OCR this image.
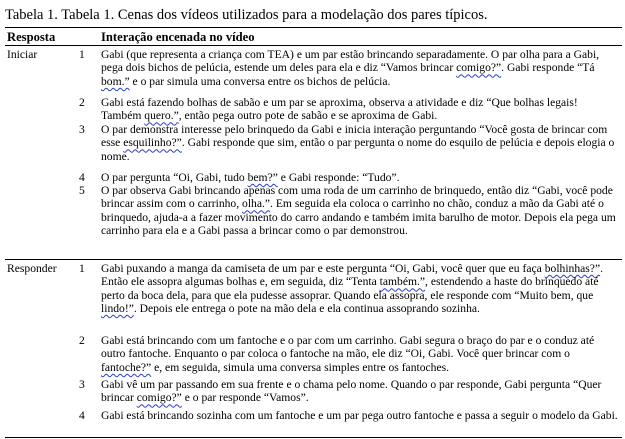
Tabela 1. Tabela 1. Cenas dos vídeos utilizados para a modelação dos pares típicos.
Resposta	Interação encenada no vídeo
Iniciar	1	Gabi (que representa a criança com TEA) e um par estão brincando separadamente. O par olha para a Gabi, pega dois bichos de pelúcia, estende um deles para ela e diz “Vamos brincar comigo?”. Gabi responde “Tá bom.” e o par simula uma conversa entre os bichos de pelúcia.
2	Gabi está fazendo bolhas de sabão e um par se aproxima, observa a atividade e diz “Que bolhas legais! Também quero.”, então pega outro pote de sabão e se aproxima de Gabi.
3	O par demonstra interesse pelo brinquedo da Gabi e inicia interação perguntando “Você gosta de brincar com esse esquilinho?”. Gabi responde que sim, então o par pergunta o nome do esquilo de pelúcia e depois elogia o nome.
4	O par pergunta “Oi, Gabi, tudo bem?” e Gabi responde: “Tudo”.
5	O par observa Gabi brincando apenas com uma roda de um carrinho de brinquedo, então diz “Gabi, você pode brincar assim com o carrinho, olha.”. Em seguida ela coloca o carrinho no chão, conduz a mão da Gabi até o brinquedo, ajuda-a a fazer movimento do carro andando e também imita barulho de motor. Depois ela pega um carrinho para ela e a Gabi passa a brincar como o par demonstrou.
Responder 1	Gabi puxando a manga da camiseta de um par e este pergunta “Oi, Gabi, você quer que eu faça bolhinhas?”. Então ele assopra algumas bolhas e, em seguida, diz “Tenta também.”, estendendo a haste do brinquedo até perto da boca dela, para que ela pudesse assoprar. Quando ela assopra, ele responde com “Muito bem, que lindo!”. Depois ele entrega o pote na mão dela e ela continua assoprando sozinha.
2	Gabi está brincando com um fantoche e o par com um carrinho. Gabi segura o braço do par e o conduz até outro fantoche. Enquanto o par coloca o fantoche na mão, ele diz “Oi, Gabi. Você quer brincar com o fantoche?” e, em seguida, simula uma conversa simples entre os fantoches.
3	Gabi vê um par passando em sua frente e o chama pelo nome. Quando o par responde, Gabi pergunta “Quer brincar comigo?” e o par responde “Vamos”.
4	Gabi está brincando sozinha com um fantoche e um par pega outro fantoche e passa a seguir o modelo da Gabi.
